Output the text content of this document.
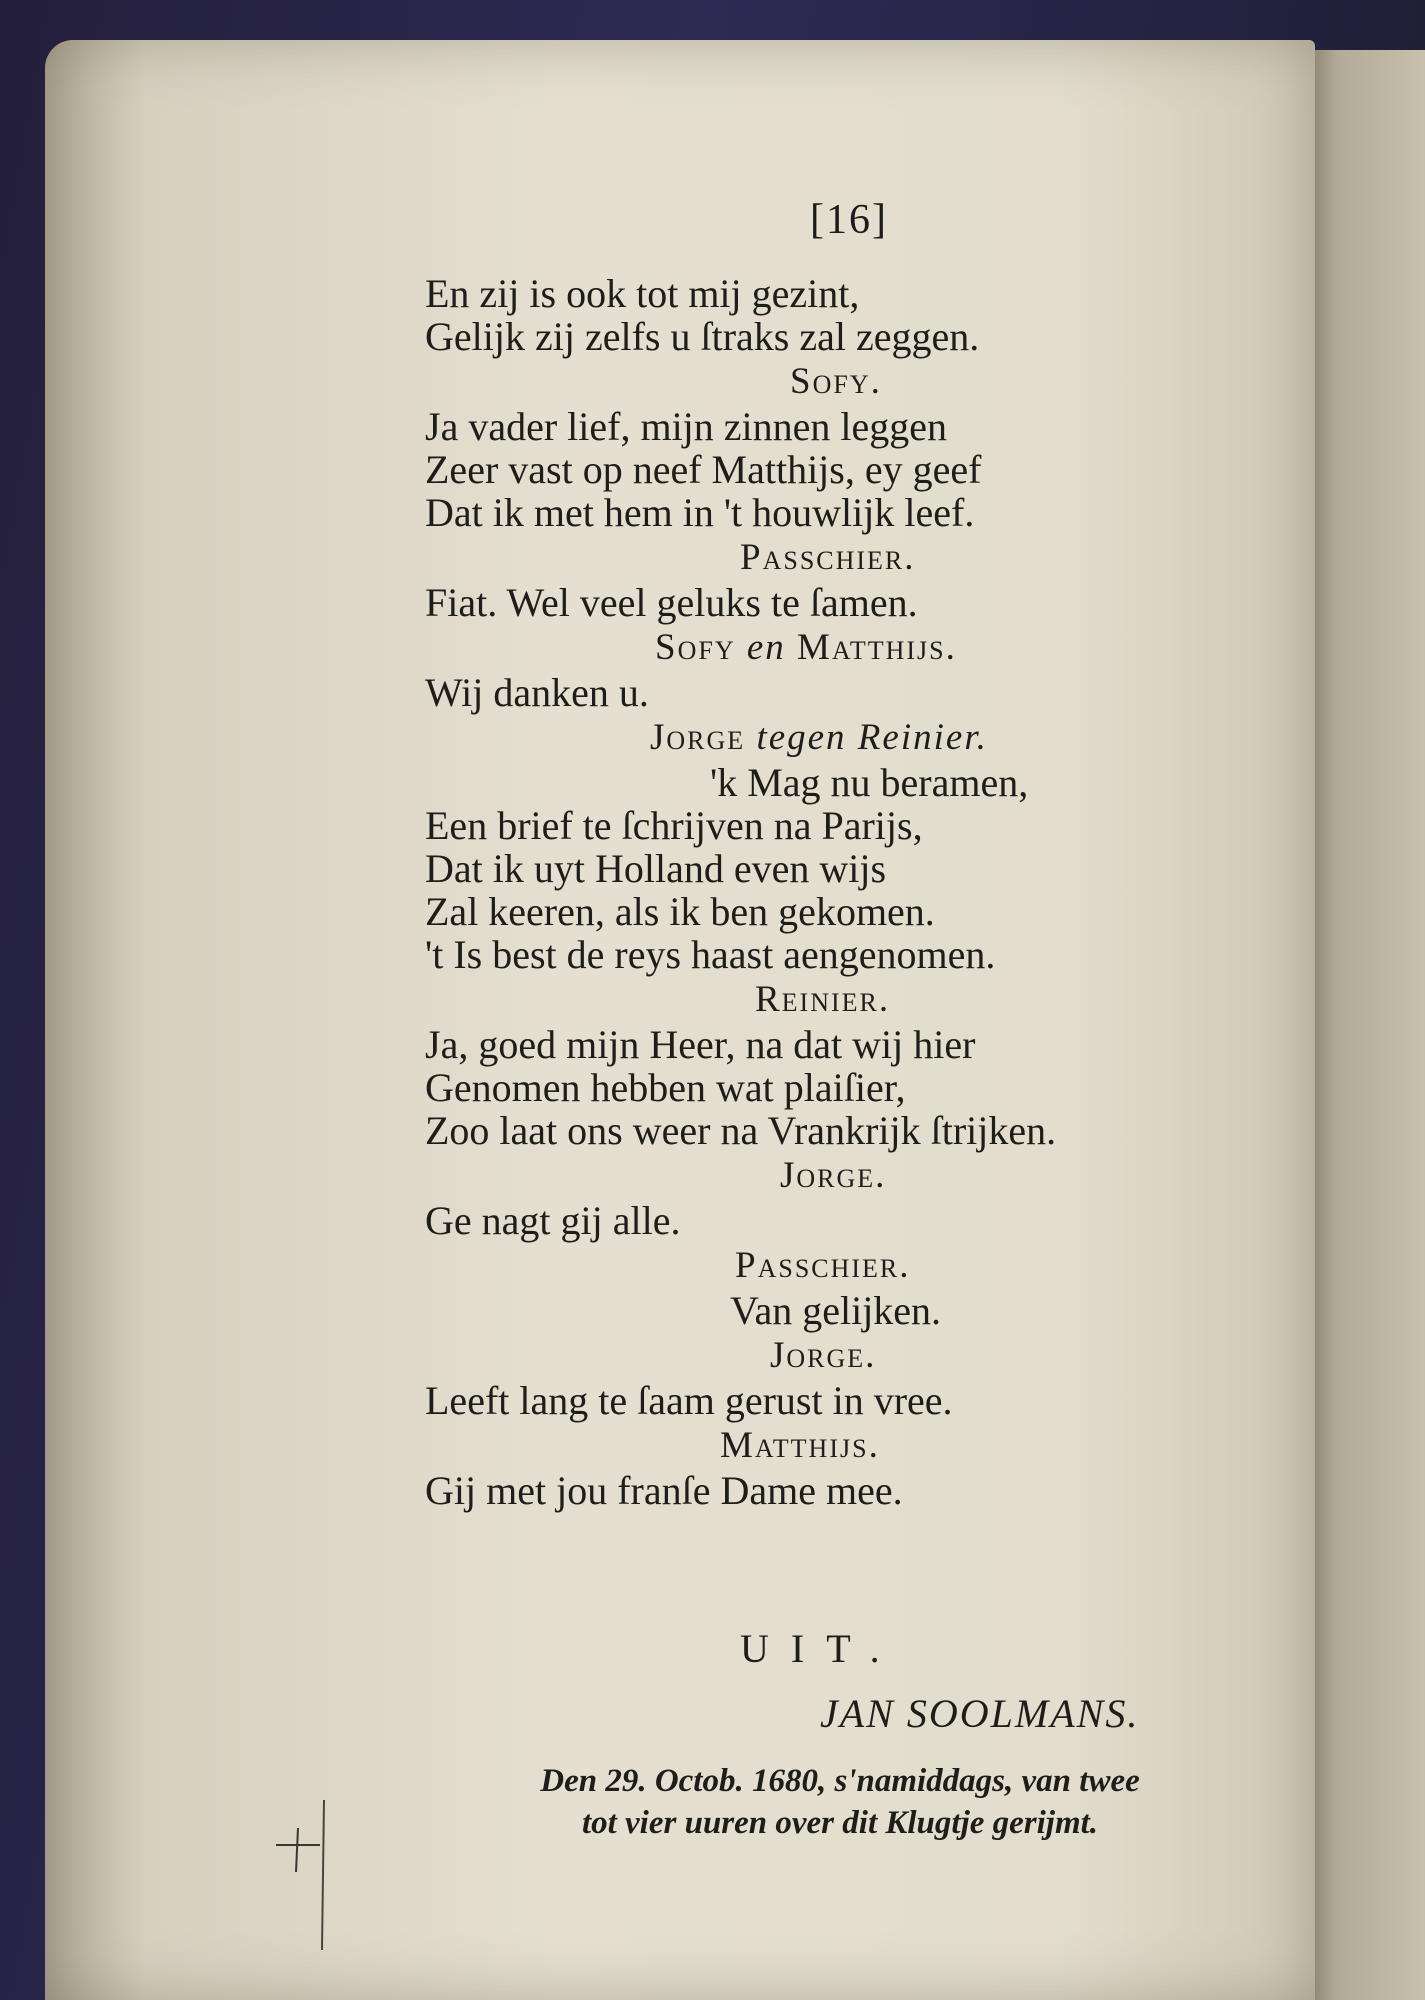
[16]
En zij is ook tot mij gezint,
Gelijk zij zelfs u ſtraks zal zeggen.
Sofy.
Ja vader lief, mijn zinnen leggen
Zeer vast op neef Matthijs, ey geef
Dat ik met hem in 't houwlijk leef.
Passchier.
Fiat. Wel veel geluks te ſamen.
Sofy en Matthijs.
Wij danken u.
Jorge tegen Reinier.
'k Mag nu beramen,
Een brief te ſchrijven na Parijs,
Dat ik uyt Holland even wijs
Zal keeren, als ik ben gekomen.
't Is best de reys haast aengenomen.
Reinier.
Ja, goed mijn Heer, na dat wij hier
Genomen hebben wat plaiſier,
Zoo laat ons weer na Vrankrijk ſtrijken.
Jorge.
Ge nagt gij alle.
Passchier.
Van gelijken.
Jorge.
Leeft lang te ſaam gerust in vree.
Matthijs.
Gij met jou franſe Dame mee.
UIT.
JAN SOOLMANS.
Den 29. Octob. 1680, s'namiddags, van twee
tot vier uuren over dit Klugtje gerijmt.
